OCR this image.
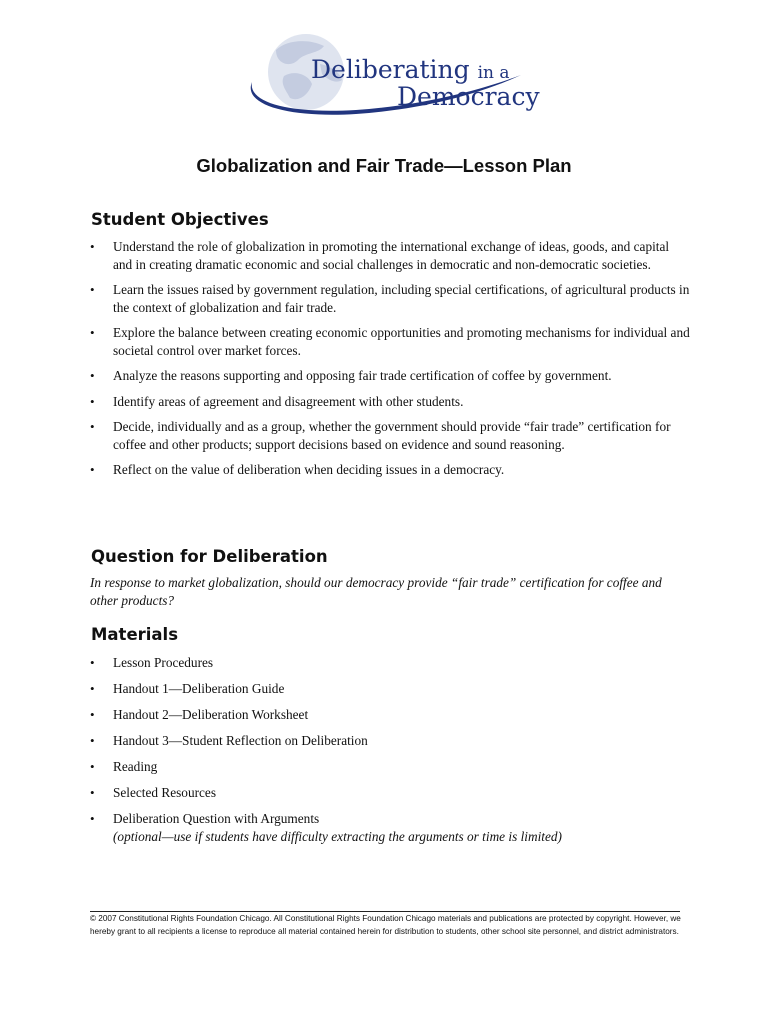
Deliberating in a
Democracy
Globalization and Fair Trade—Lesson Plan
Student Objectives
• Understand the role of globalization in promoting the international exchange of ideas, goods, and capital and in creating dramatic economic and social challenges in democratic and non-democratic societies.
• Learn the issues raised by government regulation, including special certifications, of agricultural products in the context of globalization and fair trade.
• Explore the balance between creating economic opportunities and promoting mechanisms for individual and societal control over market forces.
• Analyze the reasons supporting and opposing fair trade certification of coffee by government.
• Identify areas of agreement and disagreement with other students.
• Decide, individually and as a group, whether the government should provide “fair trade” certification for coffee and other products; support decisions based on evidence and sound reasoning.
• Reflect on the value of deliberation when deciding issues in a democracy.
Question for Deliberation
In response to market globalization, should our democracy provide “fair trade” certification for coffee and other products?
Materials
• Lesson Procedures
• Handout 1—Deliberation Guide
• Handout 2—Deliberation Worksheet
• Handout 3—Student Reflection on Deliberation
• Reading
• Selected Resources
• Deliberation Question with Arguments
(optional—use if students have difficulty extracting the arguments or time is limited)
© 2007 Constitutional Rights Foundation Chicago. All Constitutional Rights Foundation Chicago materials and publications are protected by copyright. However, we hereby grant to all recipients a license to reproduce all material contained herein for distribution to students, other school site personnel, and district administrators.
